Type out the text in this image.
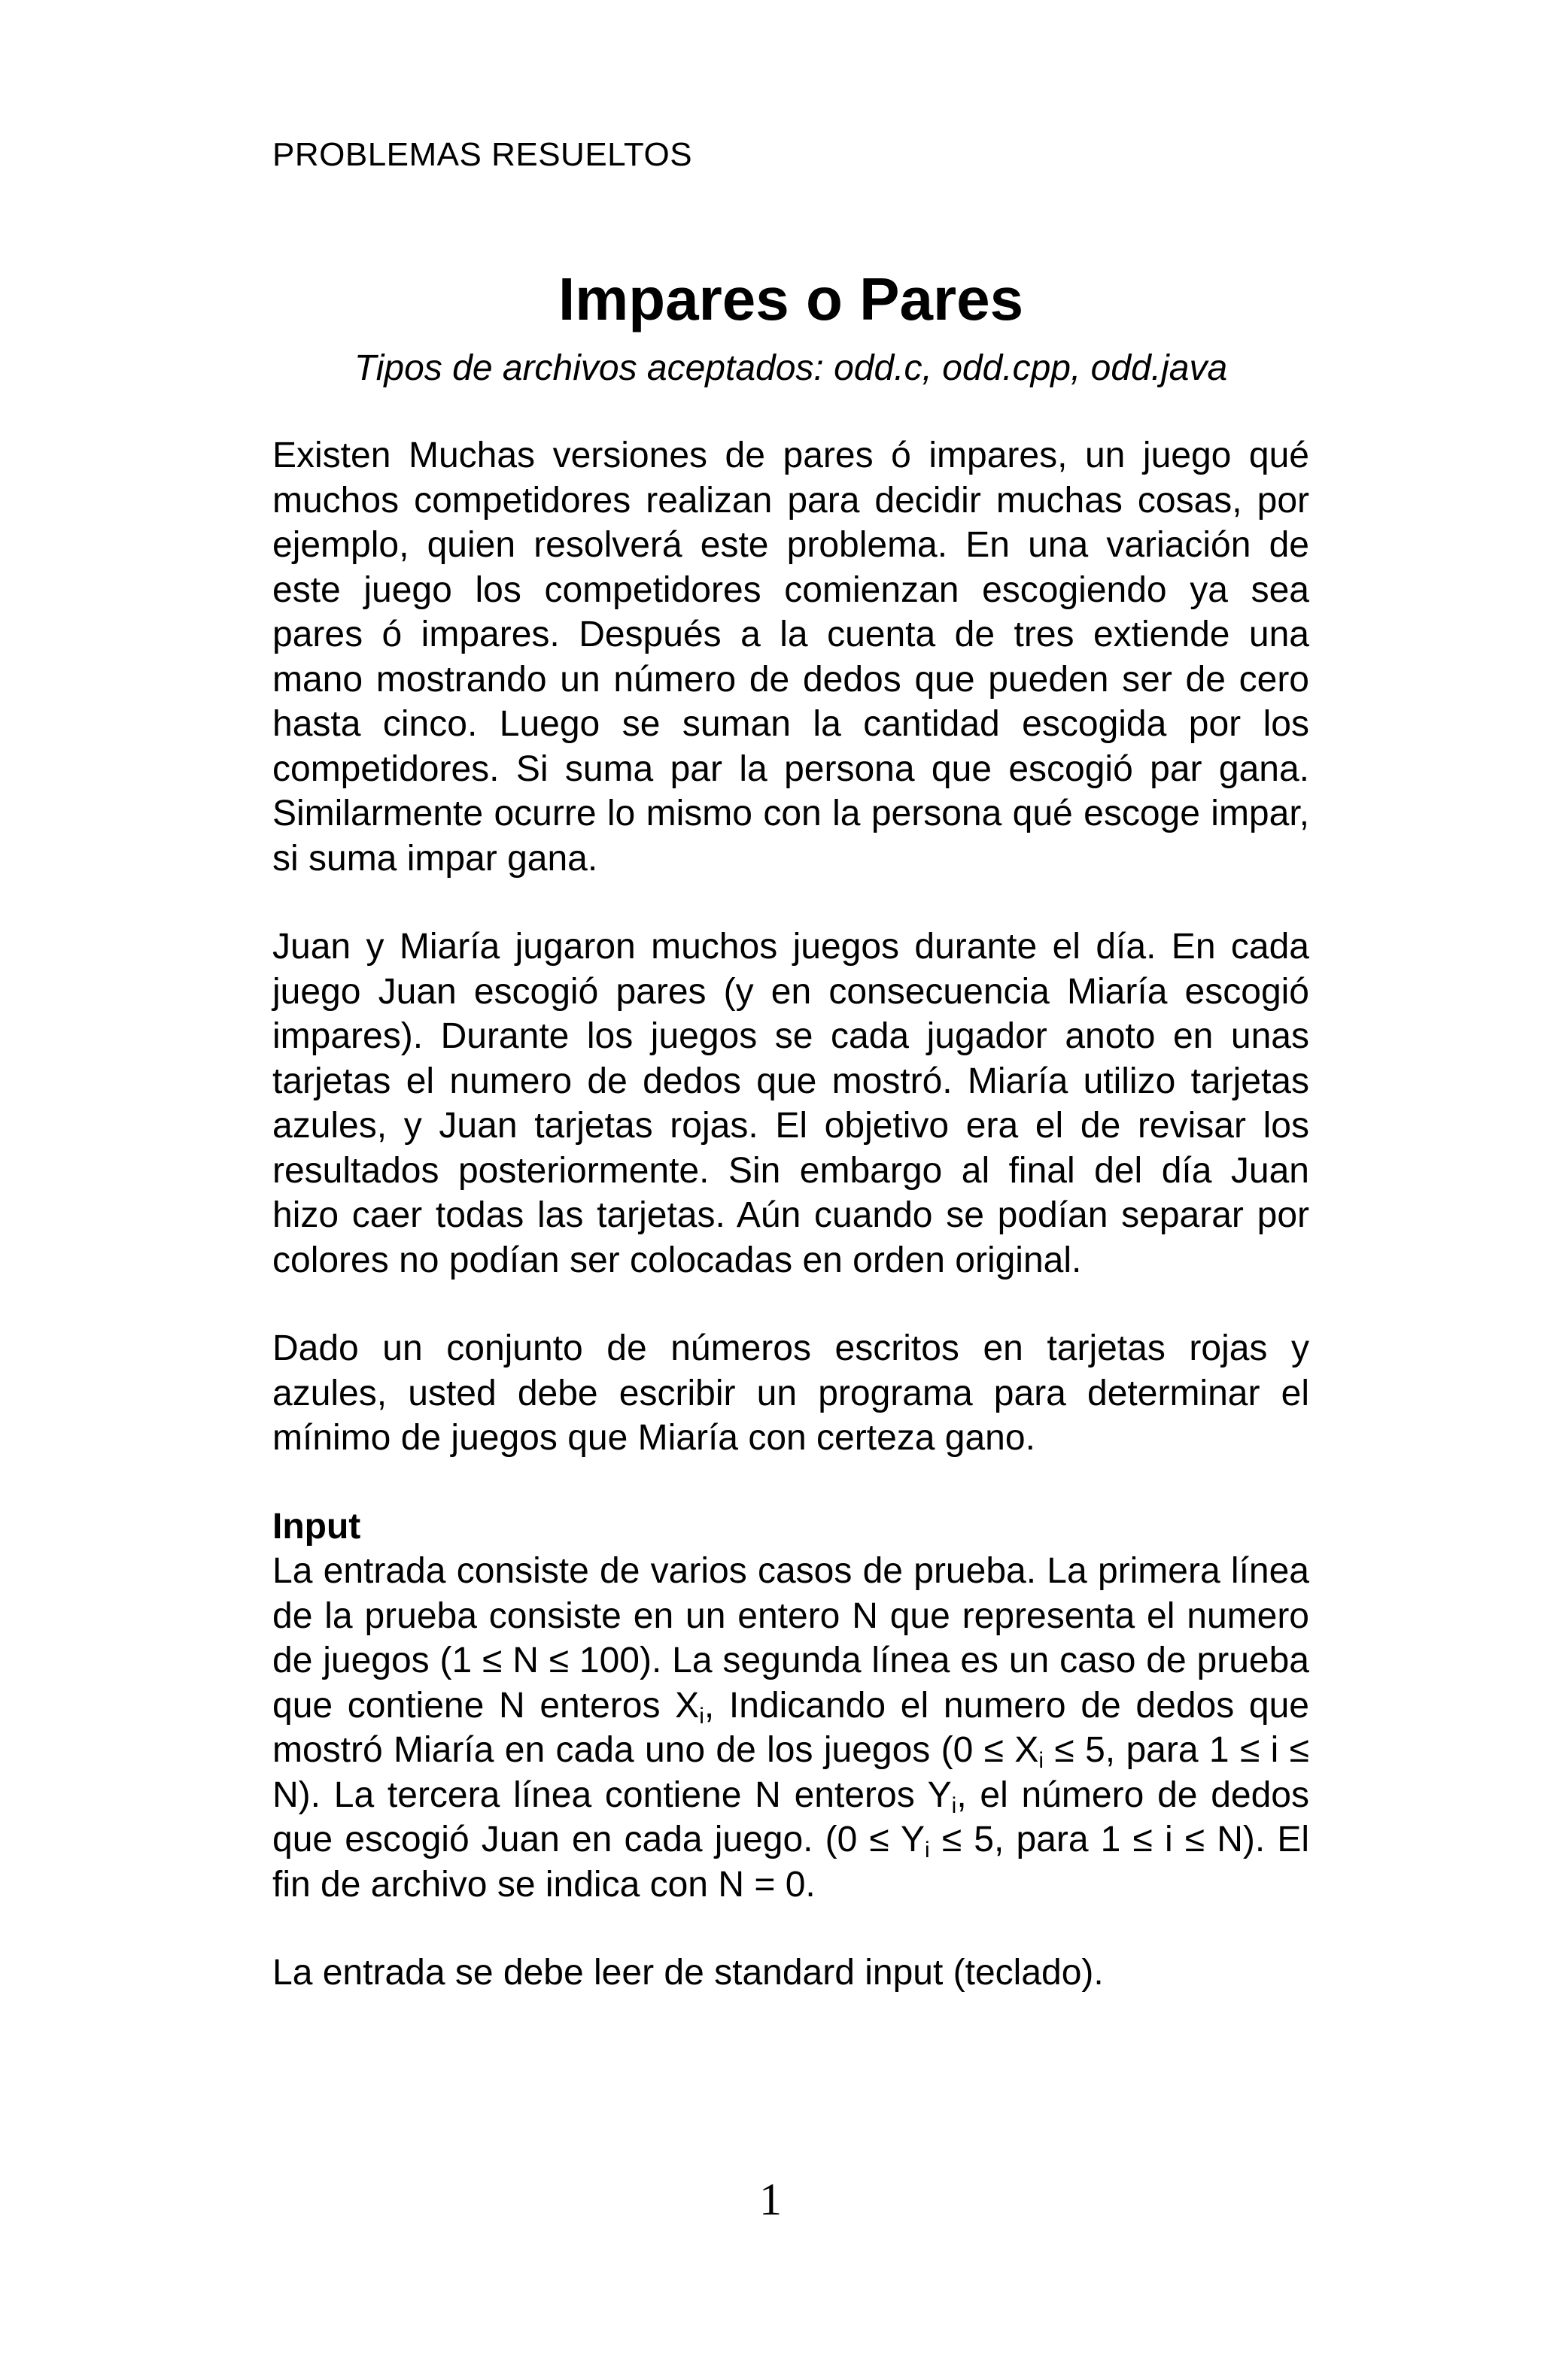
PROBLEMAS RESUELTOS
Impares o Pares
Tipos de archivos aceptados: odd.c, odd.cpp, odd.java

Existen Muchas versiones de pares ó impares, un juego qué muchos competidores realizan para decidir muchas cosas, por ejemplo, quien resolverá este problema. En una variación de este juego los competidores comienzan escogiendo ya sea pares ó impares. Después a la cuenta de tres extiende una mano mostrando un número de dedos que pueden ser de cero hasta cinco. Luego se suman la cantidad escogida por los competidores. Si suma par la persona que escogió par gana. Similarmente ocurre lo mismo con la persona qué escoge impar, si suma impar gana.

Juan y Miaría jugaron muchos juegos durante el día. En cada juego Juan escogió pares (y en consecuencia Miaría escogió impares). Durante los juegos se cada jugador anoto en unas tarjetas el numero de dedos que mostró. Miaría utilizo tarjetas azules, y Juan tarjetas rojas. El objetivo era el de revisar los resultados posteriormente. Sin embargo al final del día Juan hizo caer todas las tarjetas. Aún cuando se podían separar por colores no podían ser colocadas en orden original.

Dado un conjunto de números escritos en tarjetas rojas y azules, usted debe escribir un programa para determinar el mínimo de juegos que Miaría con certeza gano.

Input

La entrada consiste de varios casos de prueba. La primera línea de la prueba consiste en un entero N que representa el numero de juegos (1 ≤ N ≤ 100). La segunda línea es un caso de prueba que contiene N enteros $X_i$, Indicando el numero de dedos que mostró Miaría en cada uno de los juegos ($0 \le X_i \le 5$, para 1 ≤ i ≤ N). La tercera línea contiene N enteros $Y_i$, el número de dedos que escogió Juan en cada juego. ($0 \le Y_i \le 5$, para 1 ≤ i ≤ N). El fin de archivo se indica con N = 0.

La entrada se debe leer de standard input (teclado).

1
